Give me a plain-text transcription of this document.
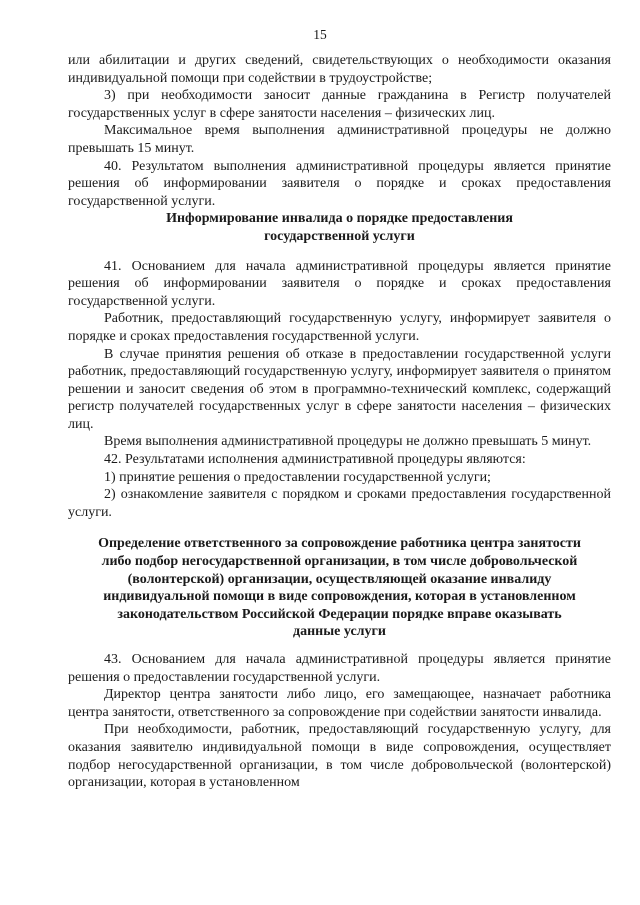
15

или абилитации и других сведений, свидетельствующих о необходимости оказания индивидуальной помощи при содействии в трудоустройстве;

3) при необходимости заносит данные гражданина в Регистр получателей государственных услуг в сфере занятости населения – физических лиц.

Максимальное время выполнения административной процедуры не должно превышать 15 минут.

40. Результатом выполнения административной процедуры является принятие решения об информировании заявителя о порядке и сроках предоставления государственной услуги.

Информирование инвалида о порядке предоставления
государственной услуги

41. Основанием для начала административной процедуры является принятие решения об информировании заявителя о порядке и сроках предоставления государственной услуги.

Работник, предоставляющий государственную услугу, информирует заявителя о порядке и сроках предоставления государственной услуги.

В случае принятия решения об отказе в предоставлении государственной услуги работник, предоставляющий государственную услугу, информирует заявителя о принятом решении и заносит сведения об этом в программно-технический комплекс, содержащий регистр получателей государственных услуг в сфере занятости населения – физических лиц.

Время выполнения административной процедуры не должно превышать 5 минут.

42. Результатами исполнения административной процедуры являются:

1) принятие решения о предоставлении государственной услуги;

2) ознакомление заявителя с порядком и сроками предоставления государственной услуги.

Определение ответственного за сопровождение работника центра занятости
либо подбор негосударственной организации, в том числе добровольческой
(волонтерской) организации, осуществляющей оказание инвалиду
индивидуальной помощи в виде сопровождения, которая в установленном
законодательством Российской Федерации порядке вправе оказывать
данные услуги

43. Основанием для начала административной процедуры является принятие решения о предоставлении государственной услуги.

Директор центра занятости либо лицо, его замещающее, назначает работника центра занятости, ответственного за сопровождение при содействии занятости инвалида.

При необходимости, работник, предоставляющий государственную услугу, для оказания заявителю индивидуальной помощи в виде сопровождения, осуществляет подбор негосударственной организации, в том числе добровольческой (волонтерской) организации, которая в установленном
